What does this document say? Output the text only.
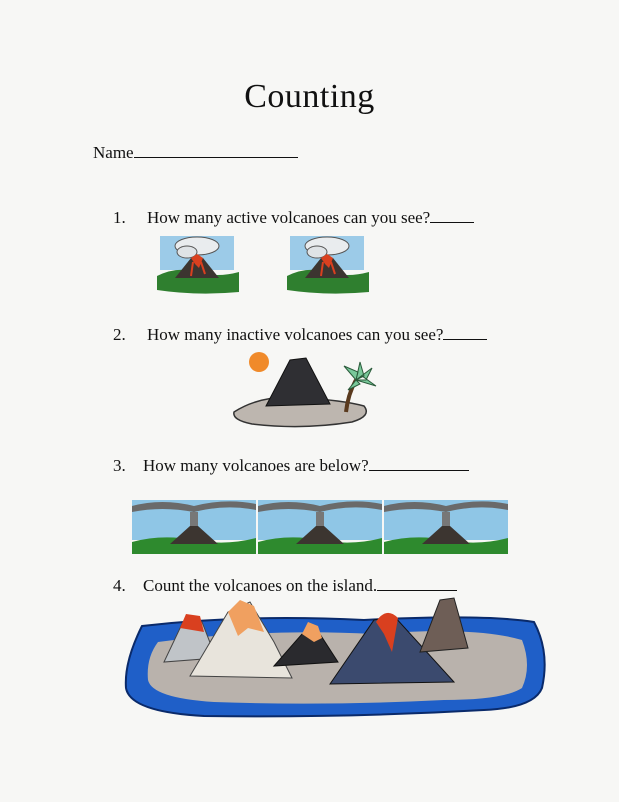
Counting
Name
1. How many active volcanoes can you see?
2. How many inactive volcanoes can you see?
3. How many volcanoes are below?
4. Count the volcanoes on the island.
